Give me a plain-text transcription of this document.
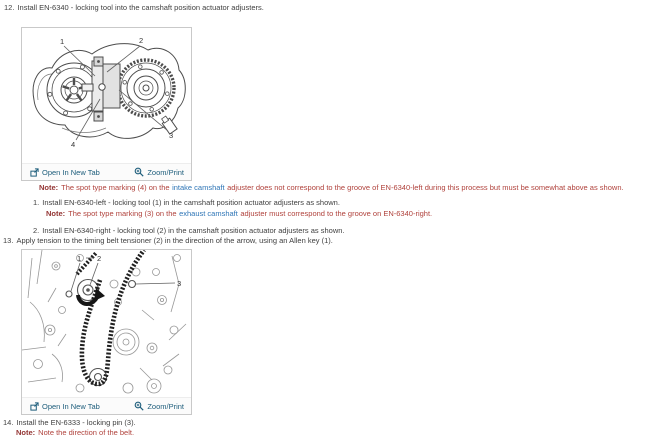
12. Install EN-6340 - locking tool into the camshaft position actuator adjusters.
1	2
3
4
Open In New Tab	Zoom/Print
Note: The spot type marking (4) on the intake camshaft adjuster does not correspond to the groove of EN-6340-left during this process but must be somewhat above as shown.
1. Install EN-6340-left - locking tool (1) in the camshaft position actuator adjusters as shown.
Note: The spot type marking (3) on the exhaust camshaft adjuster must correspond to the groove on EN-6340-right.
2. Install EN-6340-right - locking tool (2) in the camshaft position actuator adjusters as shown.
13. Apply tension to the timing belt tensioner (2) in the direction of the arrow, using an Allen key (1).
1 2
3
Open In New Tab	Zoom/Print
14. Install the EN-6333 - locking pin (3).
Note: Note the direction of the belt.
